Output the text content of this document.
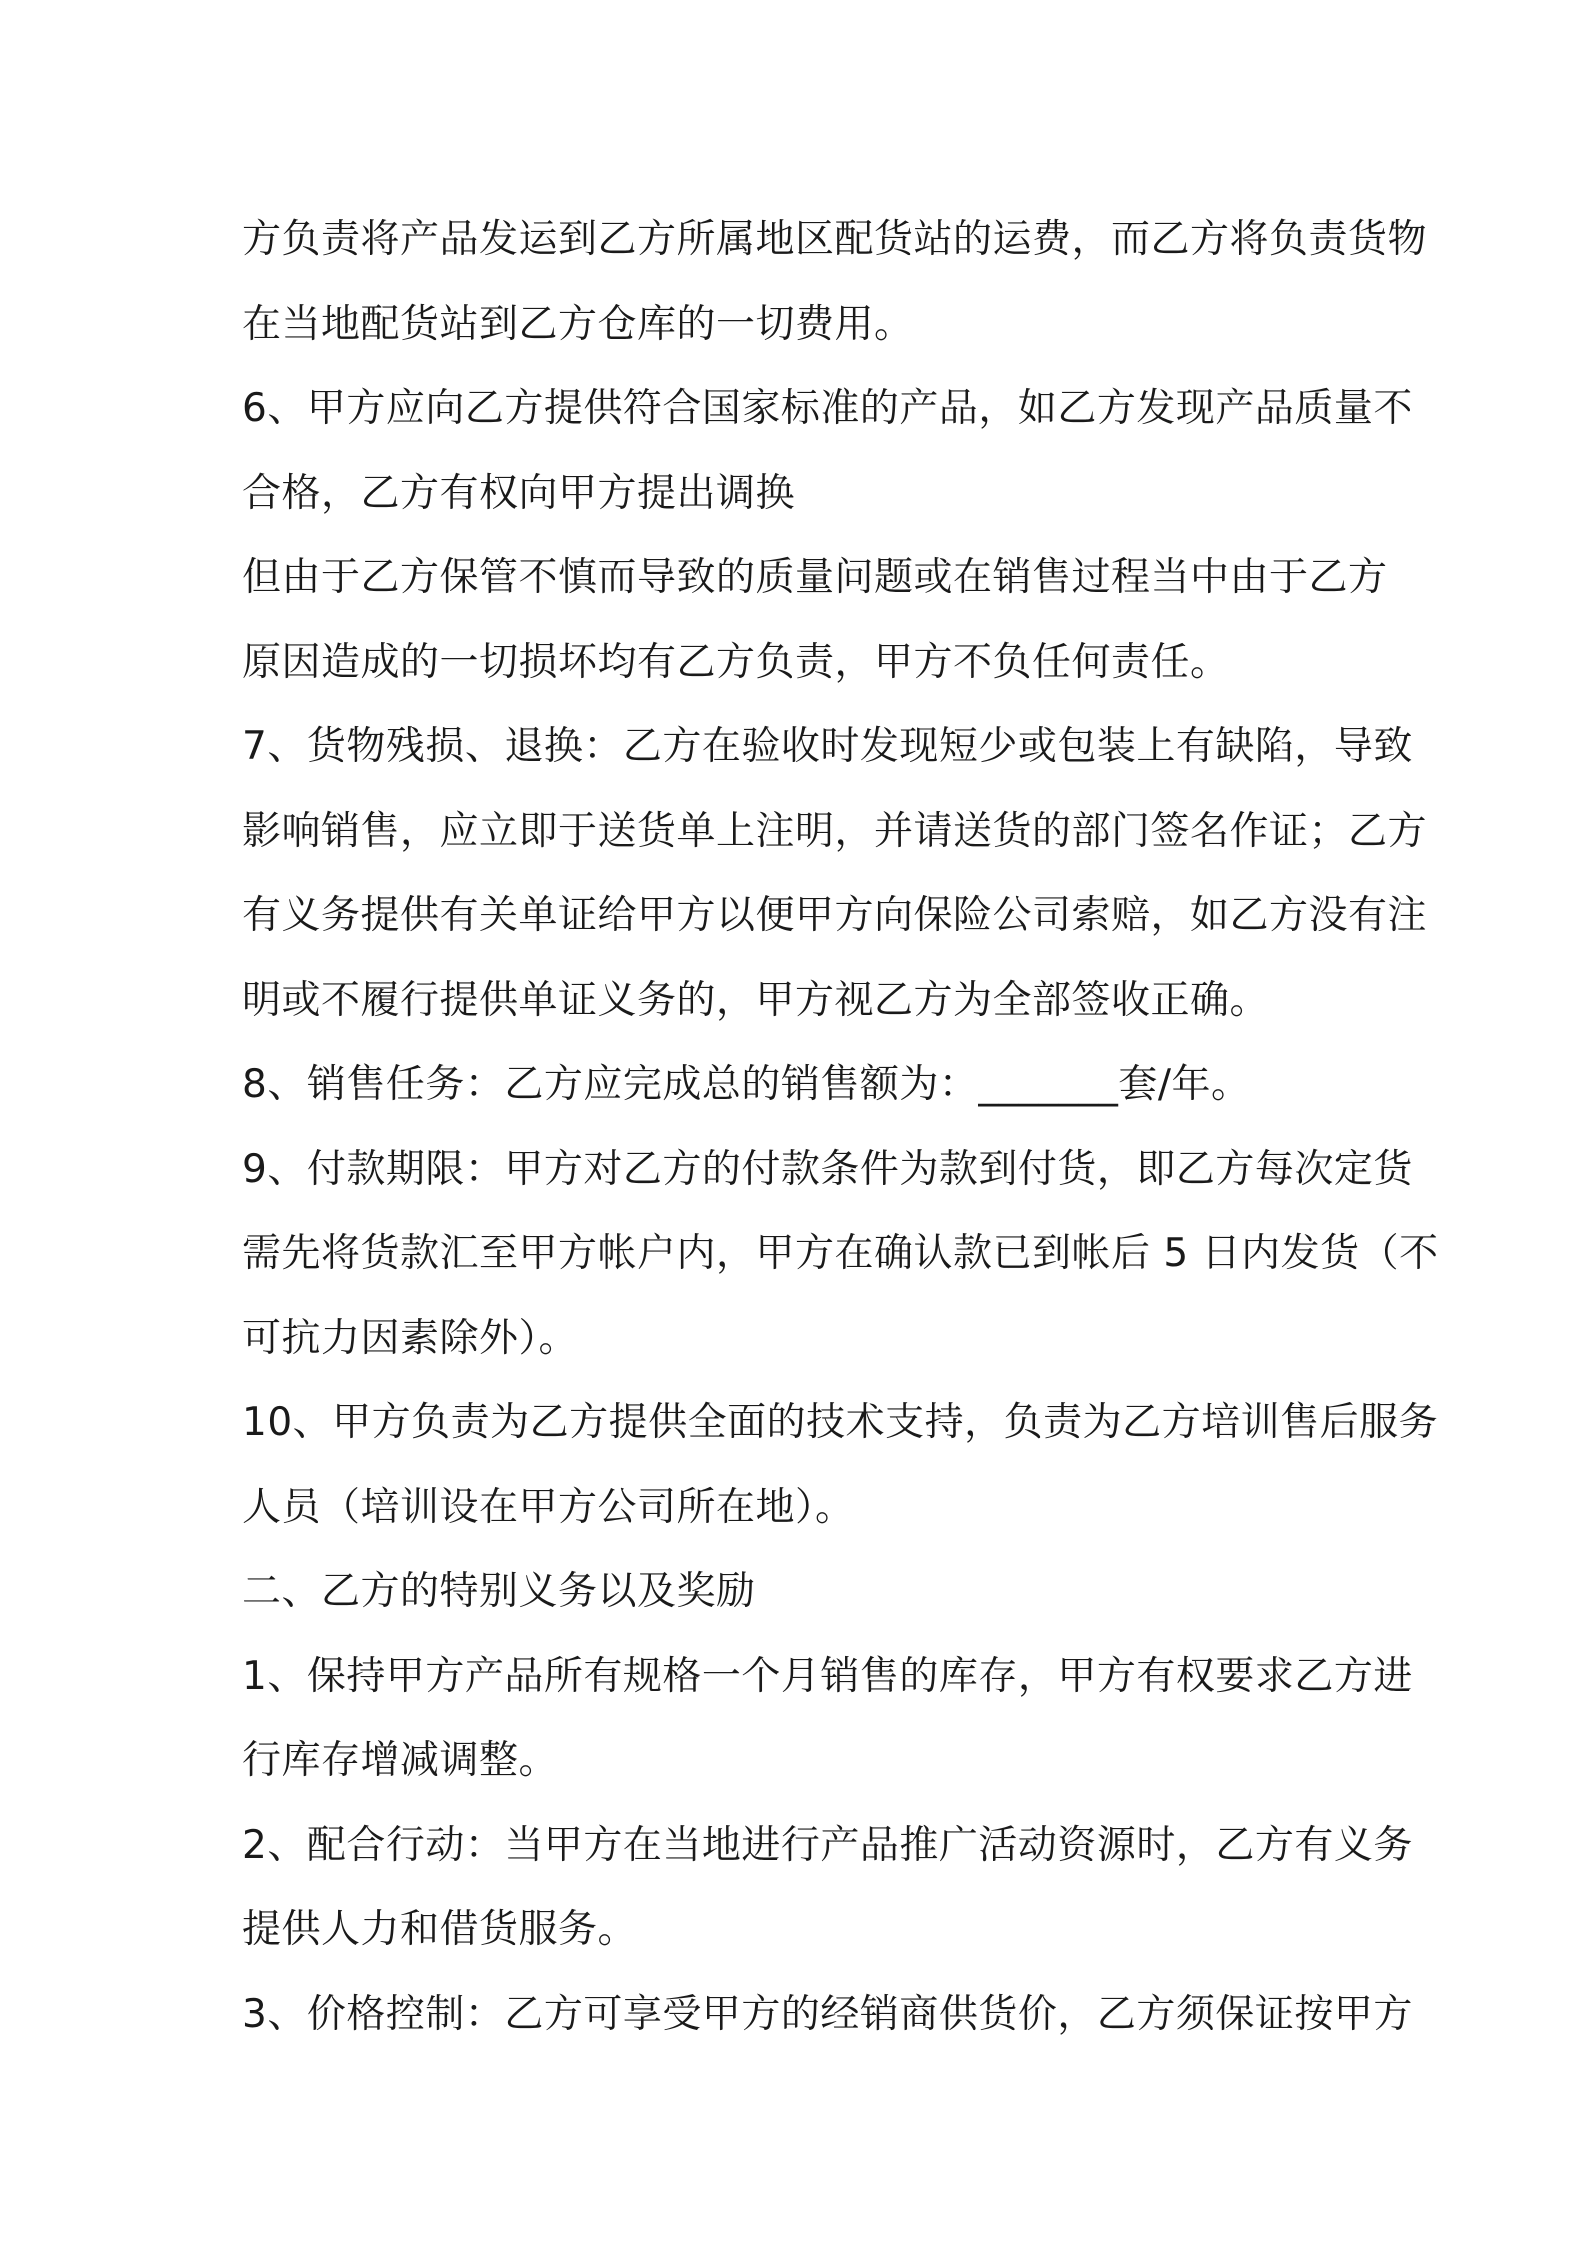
方负责将产品发运到乙方所属地区配货站的运费，而乙方将负责货物
在当地配货站到乙方仓库的一切费用。
6、甲方应向乙方提供符合国家标准的产品，如乙方发现产品质量不
合格，乙方有权向甲方提出调换
但由于乙方保管不慎而导致的质量问题或在销售过程当中由于乙方
原因造成的一切损坏均有乙方负责，甲方不负任何责任。
7、货物残损、退换：乙方在验收时发现短少或包装上有缺陷，导致
影响销售，应立即于送货单上注明，并请送货的部门签名作证；乙方
有义务提供有关单证给甲方以便甲方向保险公司索赔，如乙方没有注
明或不履行提供单证义务的，甲方视乙方为全部签收正确。
8、销售任务：乙方应完成总的销售额为：_______套/年。
9、付款期限：甲方对乙方的付款条件为款到付货，即乙方每次定货
需先将货款汇至甲方帐户内，甲方在确认款已到帐后 5 日内发货（不
可抗力因素除外）。
10、甲方负责为乙方提供全面的技术支持，负责为乙方培训售后服务
人员（培训设在甲方公司所在地）。
二、乙方的特别义务以及奖励
1、保持甲方产品所有规格一个月销售的库存，甲方有权要求乙方进
行库存增减调整。
2、配合行动：当甲方在当地进行产品推广活动资源时，乙方有义务
提供人力和借货服务。
3、价格控制：乙方可享受甲方的经销商供货价，乙方须保证按甲方
